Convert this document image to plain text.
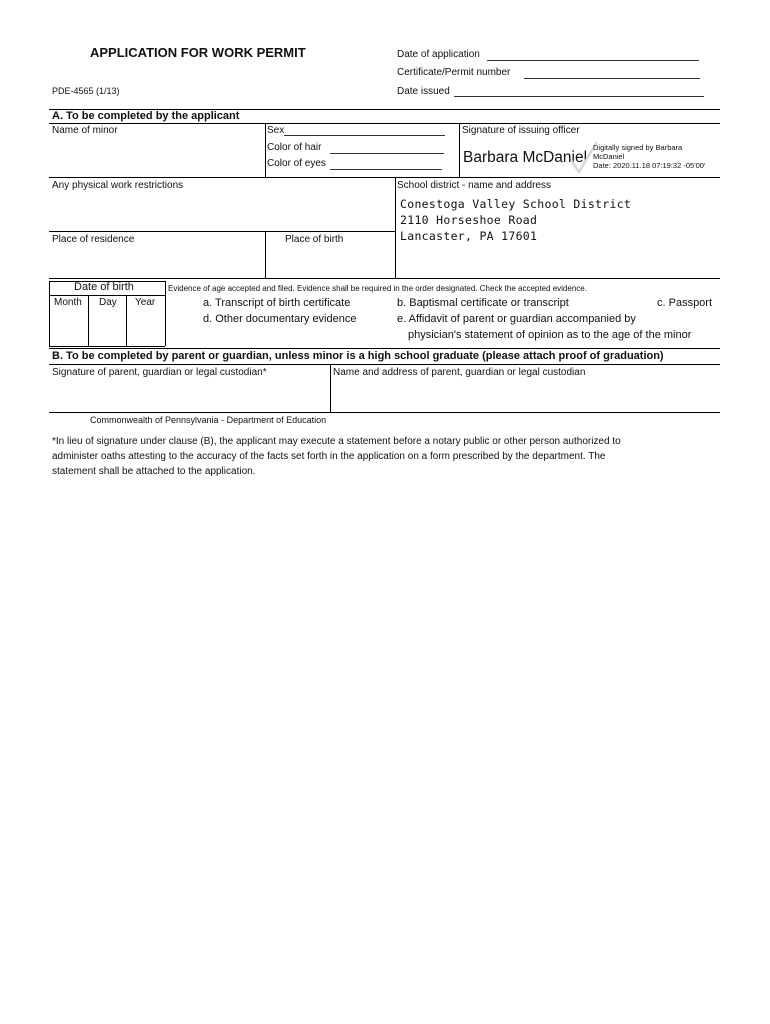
APPLICATION FOR WORK PERMIT
PDE-4565 (1/13)
Date of application
Certificate/Permit number
Date issued
A. To be completed by the applicant
Name of minor	Sex
Color of hair
Color of eyes
Signature of issuing officer
Barbara McDaniel
Digitally signed by Barbara
McDaniel
Date: 2020.11.18 07:19:32 -05'00'
Any physical work restrictions	School district - name and address
Conestoga Valley School District
2110 Horseshoe Road
Lancaster, PA 17601
Place of residence	Place of birth
Date of birth
Month Day Year
Evidence of age accepted and filed. Evidence shall be required in the order designated. Check the accepted evidence.
a. Transcript of birth certificate	b. Baptismal certificate or transcript	c. Passport
d. Other documentary evidence	e. Affidavit of parent or guardian accompanied by
physician's statement of opinion as to the age of the minor
B. To be completed by parent or guardian, unless minor is a high school graduate (please attach proof of graduation)
Signature of parent, guardian or legal custodian*	Name and address of parent, guardian or legal custodian
Commonwealth of Pennsylvania - Department of Education
*In lieu of signature under clause (B), the applicant may execute a statement before a notary public or other person authorized to
administer oaths attesting to the accuracy of the facts set forth in the application on a form prescribed by the department. The
statement shall be attached to the application.
